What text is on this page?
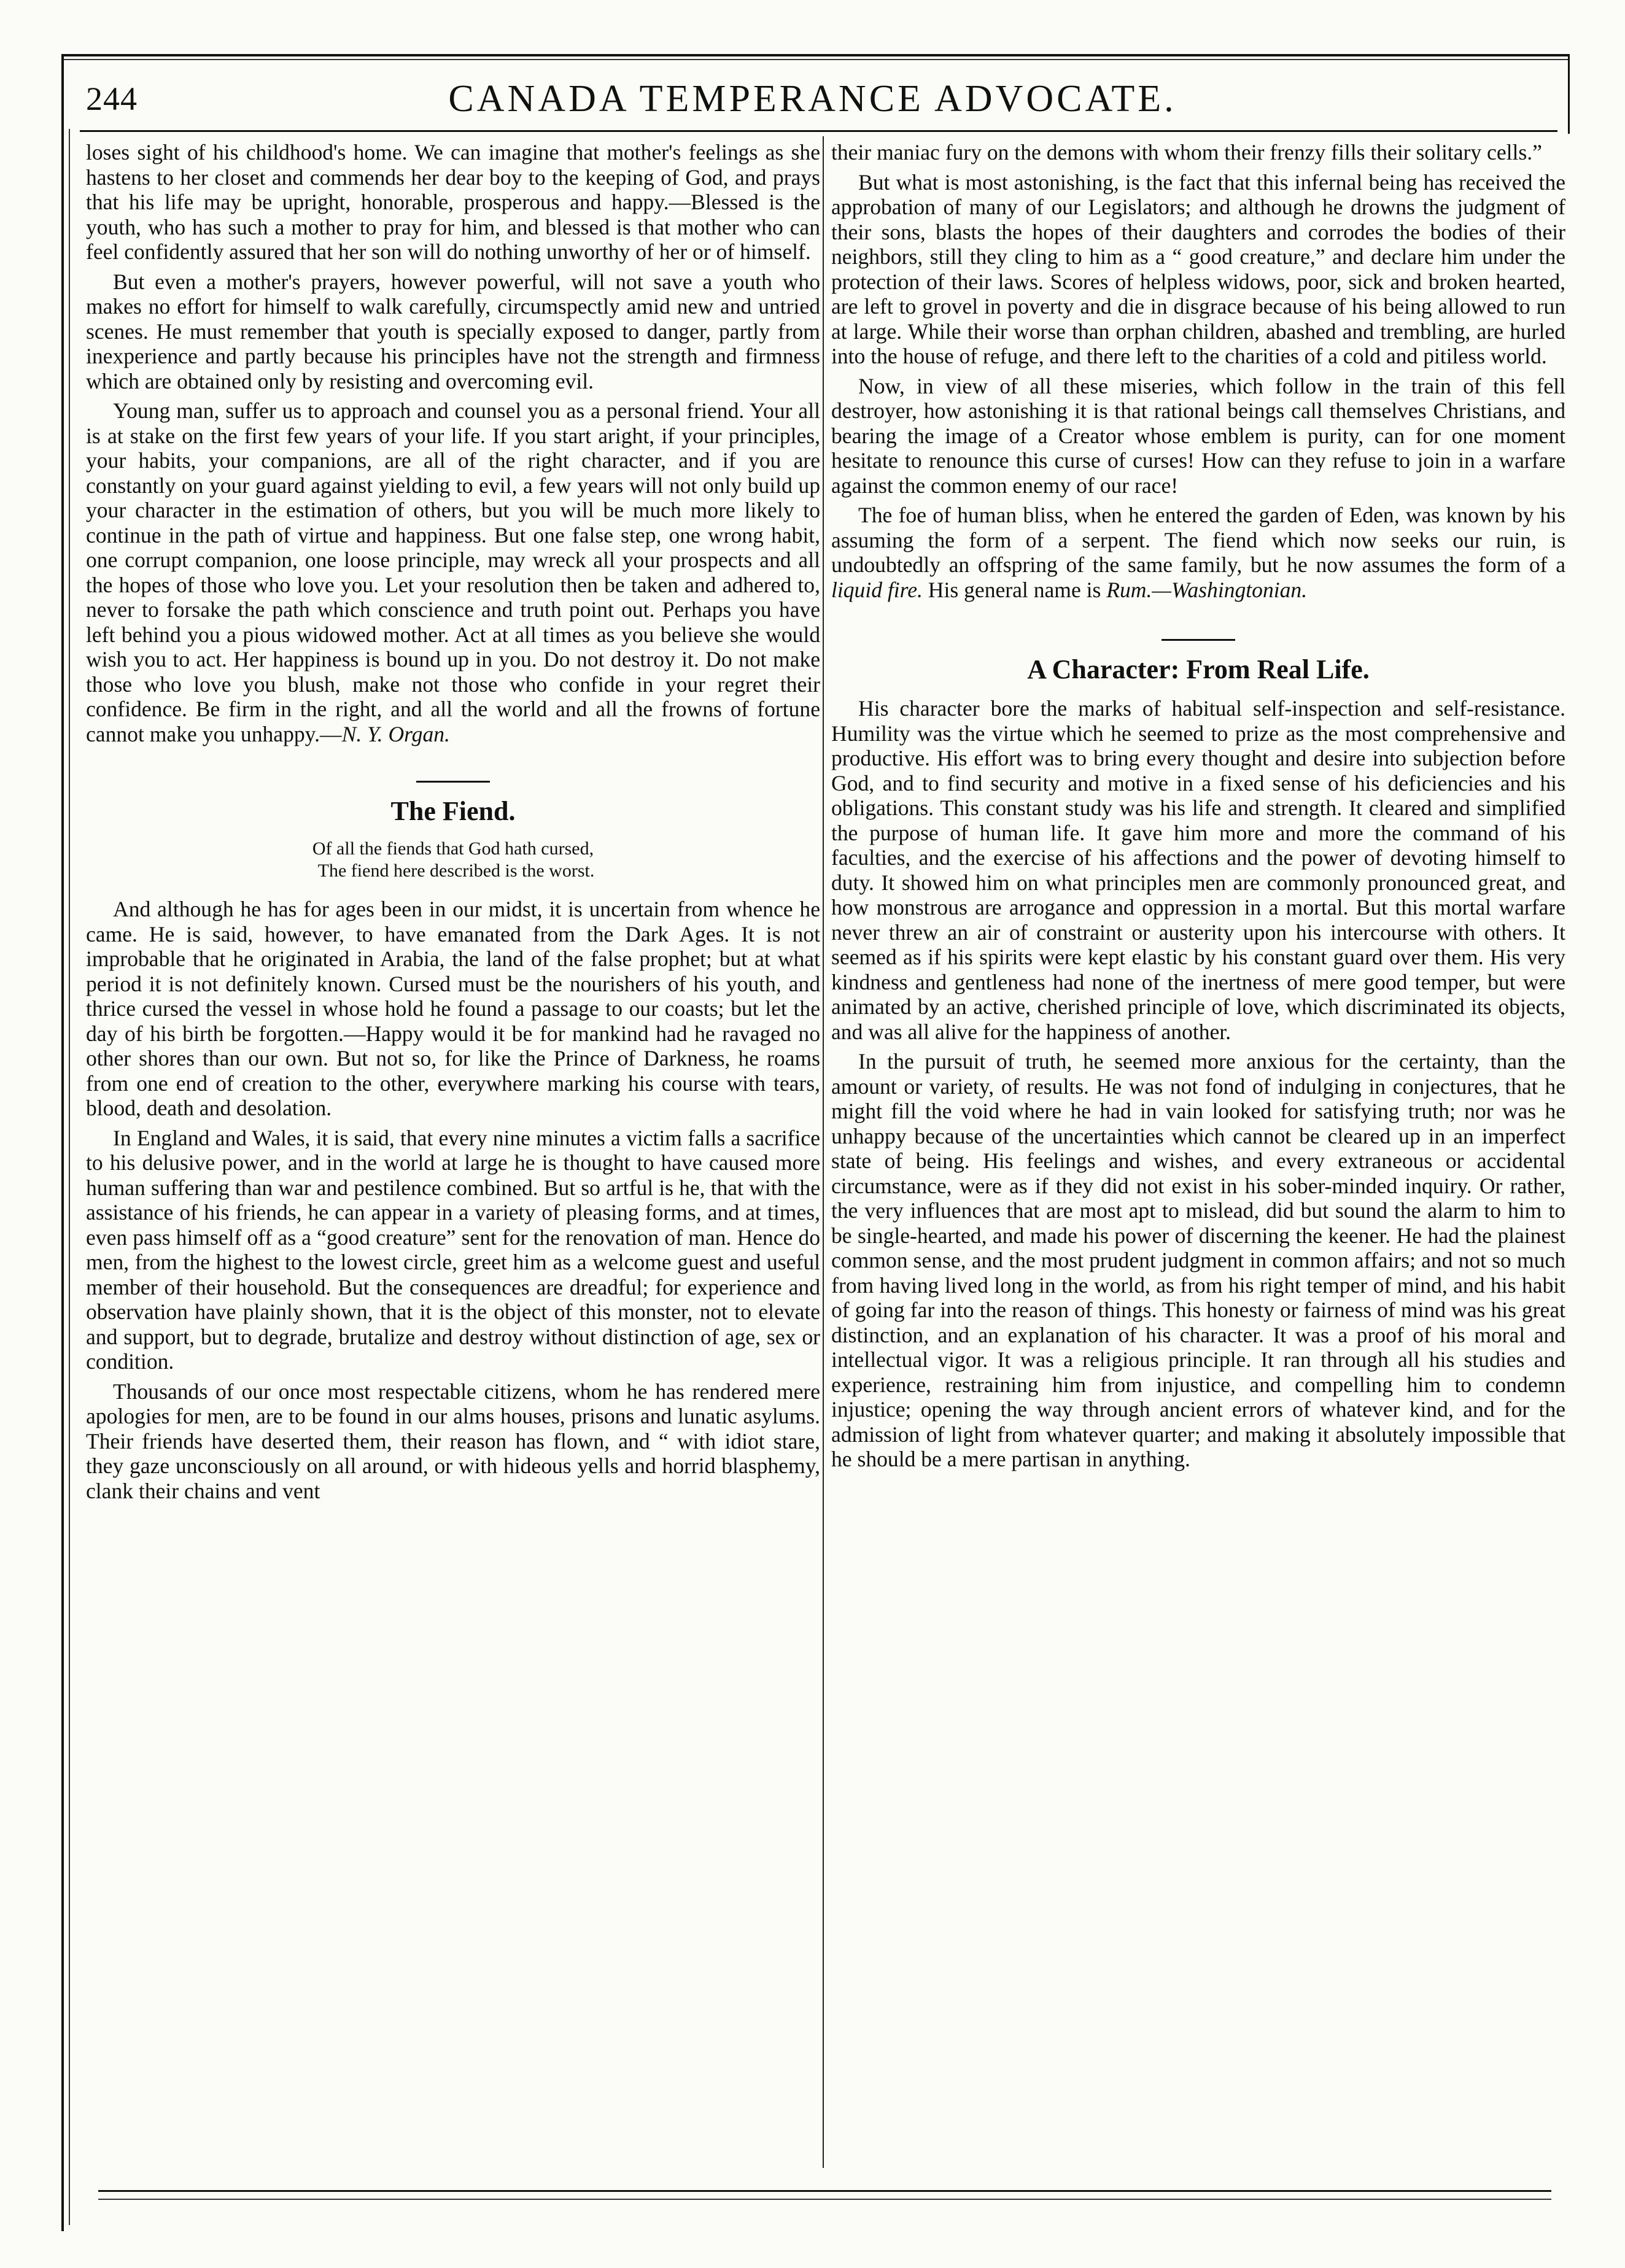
244	CANADA TEMPERANCE ADVOCATE.

loses sight of his childhood's home. We can imagine that mother's feelings as she hastens to her closet and commends her dear boy to the keeping of God, and prays that his life may be upright, honorable, prosperous and happy.—Blessed is the youth, who has such a mother to pray for him, and blessed is that mother who can feel confidently assured that her son will do nothing unworthy of her or of himself.

But even a mother's prayers, however powerful, will not save a youth who makes no effort for himself to walk carefully, circumspectly amid new and untried scenes. He must remember that youth is specially exposed to danger, partly from inexperience and partly because his principles have not the strength and firmness which are obtained only by resisting and overcoming evil.

Young man, suffer us to approach and counsel you as a personal friend. Your all is at stake on the first few years of your life. If you start aright, if your principles, your habits, your companions, are all of the right character, and if you are constantly on your guard against yielding to evil, a few years will not only build up your character in the estimation of others, but you will be much more likely to continue in the path of virtue and happiness. But one false step, one wrong habit, one corrupt companion, one loose principle, may wreck all your prospects and all the hopes of those who love you. Let your resolution then be taken and adhered to, never to forsake the path which conscience and truth point out. Perhaps you have left behind you a pious widowed mother. Act at all times as you believe she would wish you to act. Her happiness is bound up in you. Do not destroy it. Do not make those who love you blush, make not those who confide in your regret their confidence. Be firm in the right, and all the world and all the frowns of fortune cannot make you unhappy.—N. Y. Organ.

The Fiend.
Of all the fiends that God hath cursed,
The fiend here described is the worst.

And although he has for ages been in our midst, it is uncertain from whence he came. He is said, however, to have emanated from the Dark Ages. It is not improbable that he originated in Arabia, the land of the false prophet; but at what period it is not definitely known. Cursed must be the nourishers of his youth, and thrice cursed the vessel in whose hold he found a passage to our coasts; but let the day of his birth be forgotten.—Happy would it be for mankind had he ravaged no other shores than our own. But not so, for like the Prince of Darkness, he roams from one end of creation to the other, everywhere marking his course with tears, blood, death and desolation.

In England and Wales, it is said, that every nine minutes a victim falls a sacrifice to his delusive power, and in the world at large he is thought to have caused more human suffering than war and pestilence combined. But so artful is he, that with the assistance of his friends, he can appear in a variety of pleasing forms, and at times, even pass himself off as a “good creature” sent for the renovation of man. Hence do men, from the highest to the lowest circle, greet him as a welcome guest and useful member of their household. But the consequences are dreadful; for experience and observation have plainly shown, that it is the object of this monster, not to elevate and support, but to degrade, brutalize and destroy without distinction of age, sex or condition.

Thousands of our once most respectable citizens, whom he has rendered mere apologies for men, are to be found in our alms houses, prisons and lunatic asylums. Their friends have deserted them, their reason has flown, and “ with idiot stare, they gaze unconsciously on all around, or with hideous yells and horrid blasphemy, clank their chains and vent

their maniac fury on the demons with whom their frenzy fills their solitary cells.”

But what is most astonishing, is the fact that this infernal being has received the approbation of many of our Legislators; and although he drowns the judgment of their sons, blasts the hopes of their daughters and corrodes the bodies of their neighbors, still they cling to him as a “ good creature,” and declare him under the protection of their laws. Scores of helpless widows, poor, sick and broken hearted, are left to grovel in poverty and die in disgrace because of his being allowed to run at large. While their worse than orphan children, abashed and trembling, are hurled into the house of refuge, and there left to the charities of a cold and pitiless world.

Now, in view of all these miseries, which follow in the train of this fell destroyer, how astonishing it is that rational beings call themselves Christians, and bearing the image of a Creator whose emblem is purity, can for one moment hesitate to renounce this curse of curses! How can they refuse to join in a warfare against the common enemy of our race!

The foe of human bliss, when he entered the garden of Eden, was known by his assuming the form of a serpent. The fiend which now seeks our ruin, is undoubtedly an offspring of the same family, but he now assumes the form of a liquid fire. His general name is Rum.—Washingtonian.

A Character: From Real Life.

His character bore the marks of habitual self-inspection and self-resistance. Humility was the virtue which he seemed to prize as the most comprehensive and productive. His effort was to bring every thought and desire into subjection before God, and to find security and motive in a fixed sense of his deficiencies and his obligations. This constant study was his life and strength. It cleared and simplified the purpose of human life. It gave him more and more the command of his faculties, and the exercise of his affections and the power of devoting himself to duty. It showed him on what principles men are commonly pronounced great, and how monstrous are arrogance and oppression in a mortal. But this mortal warfare never threw an air of constraint or austerity upon his intercourse with others. It seemed as if his spirits were kept elastic by his constant guard over them. His very kindness and gentleness had none of the inertness of mere good temper, but were animated by an active, cherished principle of love, which discriminated its objects, and was all alive for the happiness of another.

In the pursuit of truth, he seemed more anxious for the certainty, than the amount or variety, of results. He was not fond of indulging in conjectures, that he might fill the void where he had in vain looked for satisfying truth; nor was he unhappy because of the uncertainties which cannot be cleared up in an imperfect state of being. His feelings and wishes, and every extraneous or accidental circumstance, were as if they did not exist in his sober-minded inquiry. Or rather, the very influences that are most apt to mislead, did but sound the alarm to him to be single-hearted, and made his power of discerning the keener. He had the plainest common sense, and the most prudent judgment in common affairs; and not so much from having lived long in the world, as from his right temper of mind, and his habit of going far into the reason of things. This honesty or fairness of mind was his great distinction, and an explanation of his character. It was a proof of his moral and intellectual vigor. It was a religious principle. It ran through all his studies and experience, restraining him from injustice, and compelling him to condemn injustice; opening the way through ancient errors of whatever kind, and for the admission of light from whatever quarter; and making it absolutely impossible that he should be a mere partisan in anything.
